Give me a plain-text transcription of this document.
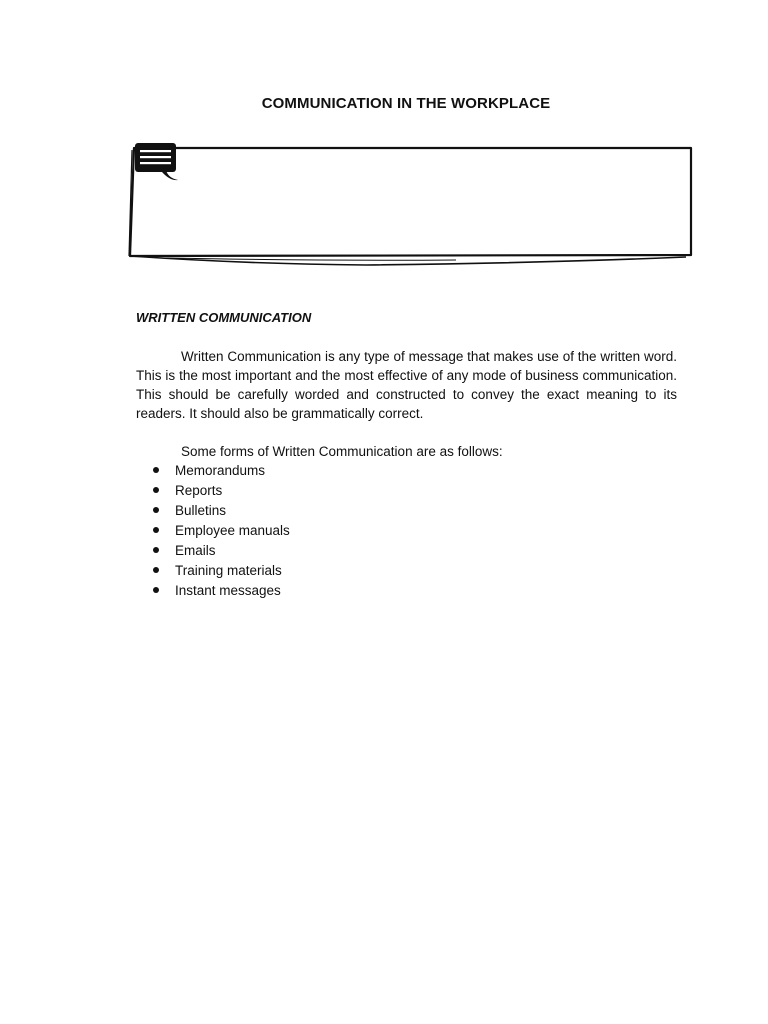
COMMUNICATION IN THE WORKPLACE
WRITTEN COMMUNICATION

Written Communication is any type of message that makes use of the written word. This is the most important and the most effective of any mode of business communication. This should be carefully worded and constructed to convey the exact meaning to its readers. It should also be grammatically correct.

Some forms of Written Communication are as follows:
Memorandums
Reports
Bulletins
Employee manuals
Emails
Training materials
Instant messages
